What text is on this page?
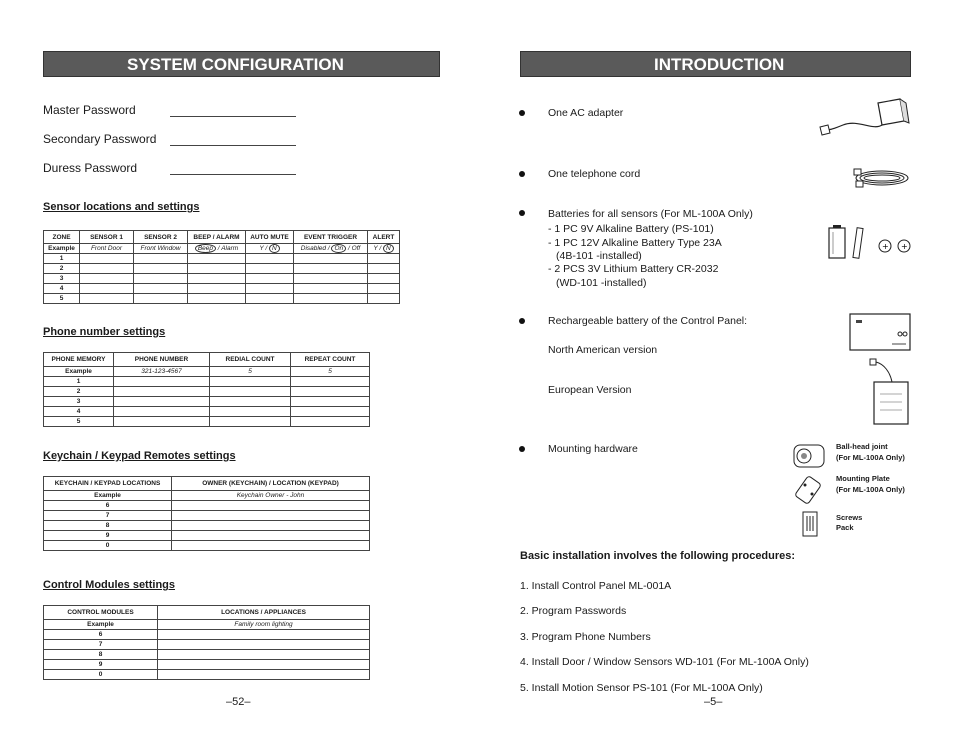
SYSTEM CONFIGURATION
Master Password
Secondary Password
Duress Password
Sensor locations and settings
ZONE	SENSOR 1	SENSOR 2	BEEP / ALARM	AUTO MUTE	EVENT TRIGGER	ALERT
Example	Front Door	Front Window	Beep / Alarm	Y / N	Disabled / On / Off	Y / N
1						
2						
3						
4						
5						
Phone number settings
PHONE MEMORY	PHONE NUMBER	REDIAL COUNT	REPEAT COUNT
Example	321-123-4567	5	5
1			
2			
3			
4			
5			
Keychain / Keypad Remotes settings
KEYCHAIN / KEYPAD LOCATIONS	OWNER (KEYCHAIN) / LOCATION (KEYPAD)
Example	Keychain Owner - John
6	
7	
8	
9	
0	
Control Modules settings
CONTROL MODULES	LOCATIONS / APPLIANCES
Example	Family room lighting
6	
7	
8	
9	
0	
–52–
INTRODUCTION
One AC adapter
One telephone cord
Batteries for all sensors (For ML-100A Only)
- 1 PC 9V Alkaline Battery (PS-101)
- 1 PC 12V Alkaline Battery Type 23A
(4B-101 -installed)
- 2 PCS 3V Lithium Battery CR-2032
(WD-101 -installed)
+ +
Rechargeable battery of the Control Panel:
North American version
European Version
Mounting hardware	Ball-head joint
(For ML-100A Only)
Mounting Plate
(For ML-100A Only)
Screws
Pack
Basic installation involves the following procedures:
1. Install Control Panel ML-001A
2. Program Passwords
3. Program Phone Numbers
4. Install Door / Window Sensors WD-101 (For ML-100A Only)
5. Install Motion Sensor PS-101 (For ML-100A Only)
–5–
